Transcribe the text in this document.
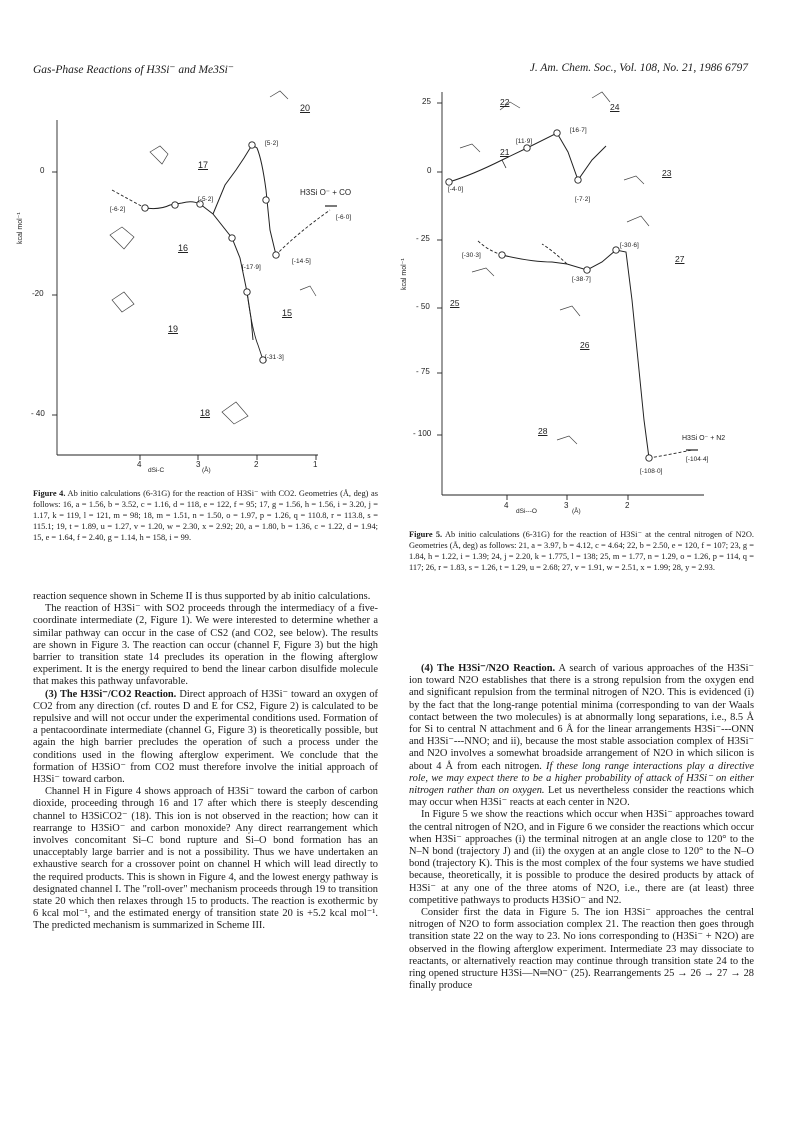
Gas-Phase Reactions of H3Si⁻ and Me3Si⁻	J. Am. Chem. Soc., Vol. 108, No. 21, 1986 6797
0
-20
- 40
kcal mol⁻¹
4	3	2	1
dSi-C	(Å)
[-6·2]
[-5·2]
[5·2]
[-17·9]
[-14·5]
[-6·0]
[-31·3]
H3Si O⁻ + CO
20
17
16
19
15
18
Figure 4. Ab initio calculations (6-31G) for the reaction of H3Si⁻ with CO2. Geometries (Å, deg) as follows: 16, a = 1.56, b = 3.52, c = 1.16, d = 118, e = 122, f = 95; 17, g = 1.56, h = 1.56, i = 3.20, j = 1.17, k = 119, l = 121, m = 98; 18, m = 1.51, n = 1.50, o = 1.97, p = 1.26, q = 110.8, r = 113.8, s = 115.1; 19, t = 1.89, u = 1.27, v = 1.20, w = 2.30, x = 2.92; 20, a = 1.80, b = 1.36, c = 1.22, d = 1.94; 15, e = 1.64, f = 2.40, g = 1.14, h = 158, i = 99.
25
0
- 25
- 50
- 75
- 100
kcal mol⁻¹
4	3	2
dSi---O	(Å)
[-4·0]
[11·9]
[16·7]
[-7·2]
[-30·3]
[-30·6]
[-38·7]
[-108·0]
[-104·4]
H3Si O⁻ + N2
22	24
21
23
27
25
26
28
Figure 5. Ab initio calculations (6-31G) for the reaction of H3Si⁻ at the central nitrogen of N2O. Geometries (Å, deg) as follows: 21, a = 3.97, b = 4.12, c = 4.64; 22, b = 2.50, e = 120, f = 107; 23, g = 1.84, h = 1.22, i = 1.39; 24, j = 2.20, k = 1.775, l = 138; 25, m = 1.77, n = 1.29, o = 1.26, p = 114, q = 117; 26, r = 1.83, s = 1.26, t = 1.29, u = 2.68; 27, v = 1.91, w = 2.51, x = 1.99; 28, y = 2.93.

reaction sequence shown in Scheme II is thus supported by ab initio calculations.

The reaction of H3Si⁻ with SO2 proceeds through the intermediacy of a five-coordinate intermediate (2, Figure 1). We were interested to determine whether a similar pathway can occur in the case of CS2 (and CO2, see below). The results are shown in Figure 3. The reaction can occur (channel F, Figure 3) but the high barrier to transition state 14 precludes its operation in the flowing afterglow experiment. It is the energy required to bend the linear carbon disulfide molecule that makes this pathway unfavorable.

(3) The H3Si⁻/CO2 Reaction. Direct approach of H3Si⁻ toward an oxygen of CO2 from any direction (cf. routes D and E for CS2, Figure 2) is calculated to be repulsive and will not occur under the experimental conditions used. Formation of a pentacoordinate intermediate (channel G, Figure 3) is theoretically possible, but again the high barrier precludes the operation of such a process under the conditions used in the flowing afterglow experiment. We conclude that the formation of H3SiO⁻ from CO2 must therefore involve the initial approach of H3Si⁻ toward carbon.

Channel H in Figure 4 shows approach of H3Si⁻ toward the carbon of carbon dioxide, proceeding through 16 and 17 after which there is steeply descending channel to H3SiCO2⁻ (18). This ion is not observed in the reaction; how can it rearrange to H3SiO⁻ and carbon monoxide? Any direct rearrangement which involves concomitant Si–C bond rupture and Si–O bond formation has an unacceptably large barrier and is not a possibility. Thus we have undertaken an exhaustive search for a crossover point on channel H which will lead directly to the required products. This is shown in Figure 4, and the lowest energy pathway is designated channel I. The "roll-over" mechanism proceeds through 19 to transition state 20 which then relaxes through 15 to products. The reaction is exothermic by 6 kcal mol⁻¹, and the estimated energy of transition state 20 is +5.2 kcal mol⁻¹. The predicted mechanism is summarized in Scheme III.

(4) The H3Si⁻/N2O Reaction. A search of various approaches of the H3Si⁻ ion toward N2O establishes that there is a strong repulsion from the oxygen end and significant repulsion from the terminal nitrogen of N2O. This is evidenced (i) by the fact that the long-range potential minima (corresponding to van der Waals contact between the two molecules) is at abnormally long separations, i.e., 8.5 Å for Si to central N attachment and 6 Å for the linear arrangements H3Si⁻---ONN and H3Si⁻---NNO; and ii), because the most stable association complex of H3Si⁻ and N2O involves a somewhat broadside arrangement of N2O in which silicon is about 4 Å from each nitrogen. If these long range interactions play a directive role, we may expect there to be a higher probability of attack of H3Si⁻ on either nitrogen rather than on oxygen. Let us nevertheless consider the reactions which may occur when H3Si⁻ reacts at each center in N2O.

In Figure 5 we show the reactions which occur when H3Si⁻ approaches toward the central nitrogen of N2O, and in Figure 6 we consider the reactions which occur when H3Si⁻ approaches (i) the terminal nitrogen at an angle close to 120° to the N–N bond (trajectory J) and (ii) the oxygen at an angle close to 120° to the N–O bond (trajectory K). This is the most complex of the four systems we have studied because, theoretically, it is possible to produce the desired products by attack of H3Si⁻ at any one of the three atoms of N2O, i.e., there are (at least) three competitive pathways to products H3SiO⁻ and N2.

Consider first the data in Figure 5. The ion H3Si⁻ approaches the central nitrogen of N2O to form association complex 21. The reaction then goes through transition state 22 on the way to 23. No ions corresponding to (H3Si⁻ + N2O) are observed in the flowing afterglow experiment. Intermediate 23 may dissociate to reactants, or alternatively reaction may continue through transition state 24 to the ring opened structure H3Si—N═NO⁻ (25). Rearrangements 25 → 26 → 27 → 28 finally produce
